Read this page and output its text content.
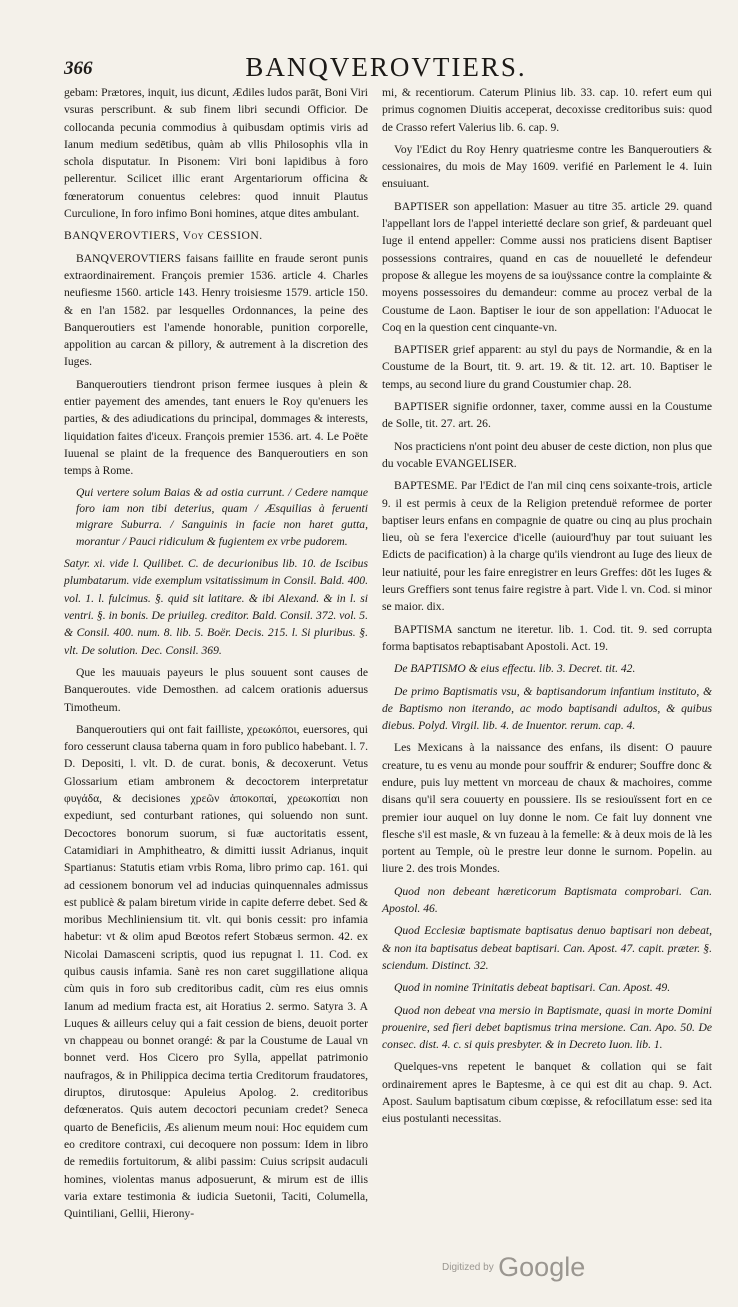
366	BANQVEROVTIERS.

gebam: Prætores, inquit, ius dicunt, Ædiles ludos parāt, Boni Viri vsuras perscribunt. & sub finem libri secundi Officior. De collocanda pecunia commodius à quibusdam optimis viris ad Ianum medium sedētibus, quàm ab vllis Philosophis vlla in schola disputatur. In Pisonem: Viri boni lapidibus à foro pellerentur. Scilicet illic erant Argentariorum officina & fœneratorum conuentus celebres: quod innuit Plautus Curculione, In foro infimo Boni homines, atque dites ambulant.

BANQVEROVTIERS, Voy CESSION.

BANQVEROVTIERS faisans faillite en fraude seront punis extraordinairement. François premier 1536. article 4. Charles neufiesme 1560. article 143. Henry troisiesme 1579. article 150. & en l'an 1582. par lesquelles Ordonnances, la peine des Banqueroutiers est l'amende honorable, punition corporelle, appolition au carcan & pillory, & autrement à la discretion des Iuges.

Banqueroutiers tiendront prison fermee iusques à plein & entier payement des amendes, tant enuers le Roy qu'enuers les parties, & des adiudications du principal, dommages & interests, liquidation faites d'iceux. François premier 1536. art. 4. Le Poëte Iuuenal se plaint de la frequence des Banqueroutiers en son temps à Rome.

Qui vertere solum Baias & ad ostia currunt. / Cedere namque foro iam non tibi deterius, quam / Æsquilias à feruenti migrare Suburra. / Sanguinis in facie non haret gutta, morantur / Pauci ridiculum & fugientem ex vrbe pudorem.

Satyr. xi. vide l. Quilibet. C. de decurionibus lib. 10. de Iscibus plumbatarum. vide exemplum vsitatissimum in Consil. Bald. 400. vol. 1. l. fulcimus. §. quid sit latitare. & ibi Alexand. & in l. si ventri. §. in bonis. De priuileg. creditor. Bald. Consil. 372. vol. 5. & Consil. 400. num. 8. lib. 5. Boër. Decis. 215. l. Si pluribus. §. vlt. De solution. Dec. Consil. 369.

Que les mauuais payeurs le plus souuent sont causes de Banqueroutes. vide Demosthen. ad calcem orationis aduersus Timotheum.

Banqueroutiers qui ont fait failliste, χρεωκόποι, euersores, qui foro cesserunt clausa taberna quam in foro publico habebant. l. 7. D. Depositi, l. vlt. D. de curat. bonis, & decoxerunt. Vetus Glossarium etiam ambronem & decoctorem interpretatur φυγάδα, & decisiones χρεῶν ἀποκοπαί, χρεωκοπίαι non expediunt, sed conturbant rationes, qui soluendo non sunt. Decoctores bonorum suorum, si fuæ auctoritatis essent, Catamidiari in Amphitheatro, & dimitti iussit Adrianus, inquit Spartianus: Statutis etiam vrbis Roma, libro primo cap. 161. qui ad cessionem bonorum vel ad inducias quinquennales admissus est publicè & palam biretum viride in capite deferre debet. Sed & moribus Mechliniensium tit. vlt. qui bonis cessit: pro infamia habetur: vt & olim apud Bœotos refert Stobæus sermon. 42. ex Nicolai Damasceni scriptis, quod ius repugnat l. 11. Cod. ex quibus causis infamia. Sanè res non caret suggillatione aliqua cùm quis in foro sub creditoribus cadit, cùm res eius omnis Ianum ad medium fracta est, ait Horatius 2. sermo. Satyra 3. A Luques & ailleurs celuy qui a fait cession de biens, deuoit porter vn chappeau ou bonnet orangé: & par la Coustume de Laual vn bonnet verd. Hos Cicero pro Sylla, appellat patrimonio naufragos, & in Philippica decima tertia Creditorum fraudatores, diruptos, dirutosque: Apuleius Apolog. 2. creditoribus defœneratos. Quis autem decoctori pecuniam credet? Seneca quarto de Beneficiis, Æs alienum meum noui: Hoc equidem cum eo creditore contraxi, cui decoquere non possum: Idem in libro de remediis fortuitorum, & alibi passim: Cuius scripsit audaculi homines, violentas manus adposuerunt, & mirum est de illis varia extare testimonia & iudicia Suetonii, Taciti, Columella, Quintiliani, Gellii, Hierony-

mi, & recentiorum. Caterum Plinius lib. 33. cap. 10. refert eum qui primus cognomen Diuitis acceperat, decoxisse creditoribus suis: quod de Crasso refert Valerius lib. 6. cap. 9.

Voy l'Edict du Roy Henry quatriesme contre les Banqueroutiers & cessionaires, du mois de May 1609. verifié en Parlement le 4. Iuin ensuiuant.

BAPTISER son appellation: Masuer au titre 35. article 29. quand l'appellant lors de l'appel interietté declare son grief, & pardeuant quel Iuge il entend appeller: Comme aussi nos praticiens disent Baptiser possessions contraires, quand en cas de nouuelleté le defendeur propose & allegue les moyens de sa iouÿssance contre la complainte & moyens possessoires du demandeur: comme au procez verbal de la Coustume de Laon. Baptiser le iour de son appellation: l'Aduocat le Coq en la question cent cinquante-vn.

BAPTISER grief apparent: au styl du pays de Normandie, & en la Coustume de la Bourt, tit. 9. art. 19. & tit. 12. art. 10. Baptiser le temps, au second liure du grand Coustumier chap. 28.

BAPTISER signifie ordonner, taxer, comme aussi en la Coustume de Solle, tit. 27. art. 26.

Nos practiciens n'ont point deu abuser de ceste diction, non plus que du vocable EVANGELISER.

BAPTESME. Par l'Edict de l'an mil cinq cens soixante-trois, article 9. il est permis à ceux de la Religion pretenduë reformee de porter baptiser leurs enfans en compagnie de quatre ou cinq au plus prochain lieu, où se fera l'exercice d'icelle (auiourd'huy par tout suiuant les Edicts de pacification) à la charge qu'ils viendront au Iuge des lieux de leur natiuité, pour les faire enregistrer en leurs Greffes: dōt les Iuges & leurs Greffiers sont tenus faire registre à part. Vide l. vn. Cod. si minor se maior. dix.

BAPTISMA sanctum ne iteretur. lib. 1. Cod. tit. 9. sed corrupta forma baptisatos rebaptisabant Apostoli. Act. 19.

De BAPTISMO & eius effectu. lib. 3. Decret. tit. 42.

De primo Baptismatis vsu, & baptisandorum infantium instituto, & de Baptismo non iterando, ac modo baptisandi adultos, & quibus diebus. Polyd. Virgil. lib. 4. de Inuentor. rerum. cap. 4.

Les Mexicans à la naissance des enfans, ils disent: O pauure creature, tu es venu au monde pour souffrir & endurer; Souffre donc & endure, puis luy mettent vn morceau de chaux & machoires, comme disans qu'il sera couuerty en poussiere. Ils se resiouïssent fort en ce premier iour auquel on luy donne le nom. Ce fait luy donnent vne flesche s'il est masle, & vn fuzeau à la femelle: & à deux mois de là les portent au Temple, où le prestre leur donne le surnom. Popelin. au liure 2. des trois Mondes.

Quod non debeant hæreticorum Baptismata comprobari. Can. Apostol. 46.

Quod Ecclesiæ baptismate baptisatus denuo baptisari non debeat, & non ita baptisatus debeat baptisari. Can. Apost. 47. capit. præter. §. sciendum. Distinct. 32.

Quod in nomine Trinitatis debeat baptisari. Can. Apost. 49.

Quod non debeat vna mersio in Baptismate, quasi in morte Domini prouenire, sed fieri debet baptismus trina mersione. Can. Apo. 50. De consec. dist. 4. c. si quis presbyter. & in Decreto Iuon. lib. 1.

Quelques-vns repetent le banquet & collation qui se fait ordinairement apres le Baptesme, à ce qui est dit au chap. 9. Act. Apost. Saulum baptisatum cibum cœpisse, & refocillatum esse: sed ita eius postulanti necessitas.

Digitized by Google
